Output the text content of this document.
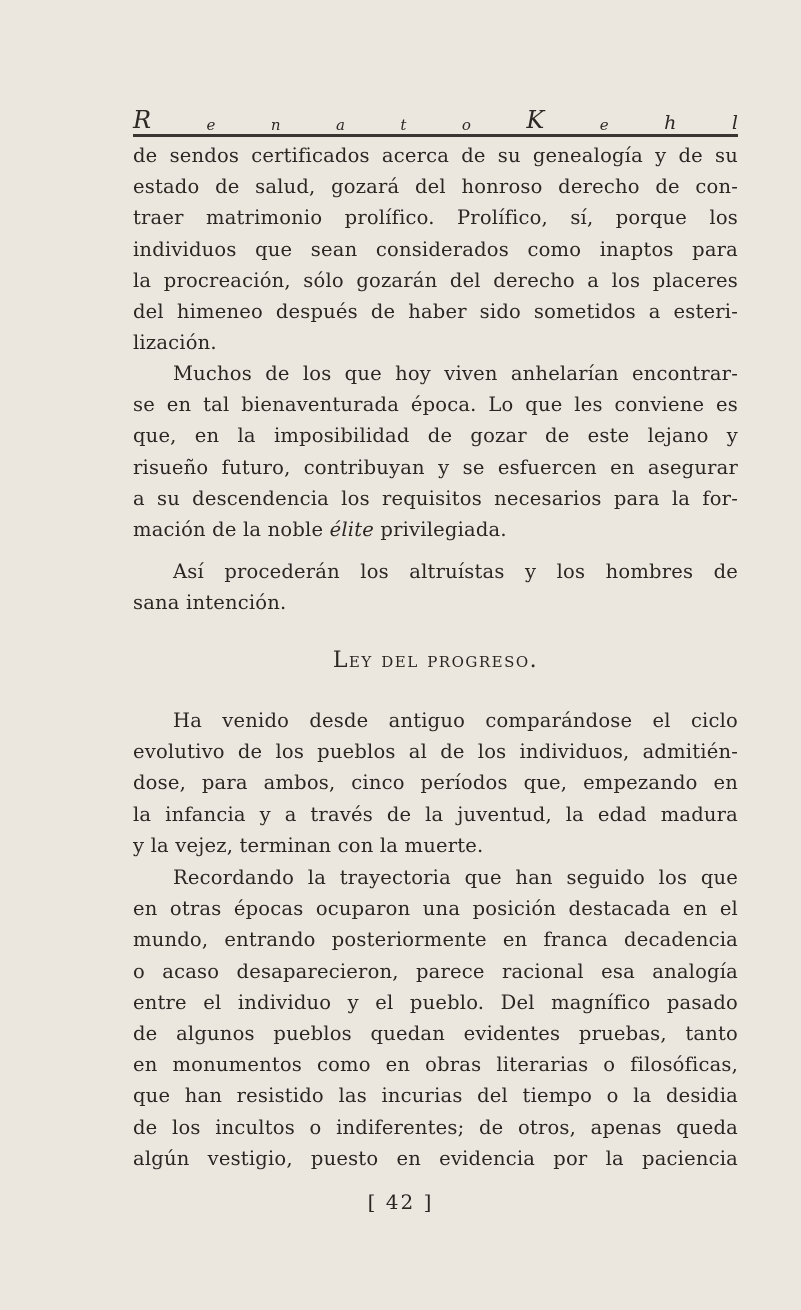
R	e	n	a	t	o K	e	h	l
de sendos certificados acerca de su genealogía y de su
estado de salud, gozará del honroso derecho de con-
traer matrimonio prolífico. Prolífico, sí, porque los
individuos que sean considerados como inaptos para
la procreación, sólo gozarán del derecho a los placeres
del himeneo después de haber sido sometidos a esteri-
lización.
Muchos de los que hoy viven anhelarían encontrar-
se en tal bienaventurada época. Lo que les conviene es
que, en la imposibilidad de gozar de este lejano y
risueño futuro, contribuyan y se esfuercen en asegurar
a su descendencia los requisitos necesarios para la for-
mación de la noble élite privilegiada.
Así procederán los altruístas y los hombres de
sana intención.
Ley del progreso.
Ha venido desde antiguo comparándose el ciclo
evolutivo de los pueblos al de los individuos, admitién-
dose, para ambos, cinco períodos que, empezando en
la infancia y a través de la juventud, la edad madura
y la vejez, terminan con la muerte.
Recordando la trayectoria que han seguido los que
en otras épocas ocuparon una posición destacada en el
mundo, entrando posteriormente en franca decadencia
o acaso desaparecieron, parece racional esa analogía
entre el individuo y el pueblo. Del magnífico pasado
de algunos pueblos quedan evidentes pruebas, tanto
en monumentos como en obras literarias o filosóficas,
que han resistido las incurias del tiempo o la desidia
de los incultos o indiferentes; de otros, apenas queda
algún vestigio, puesto en evidencia por la paciencia
[ 42 ]
